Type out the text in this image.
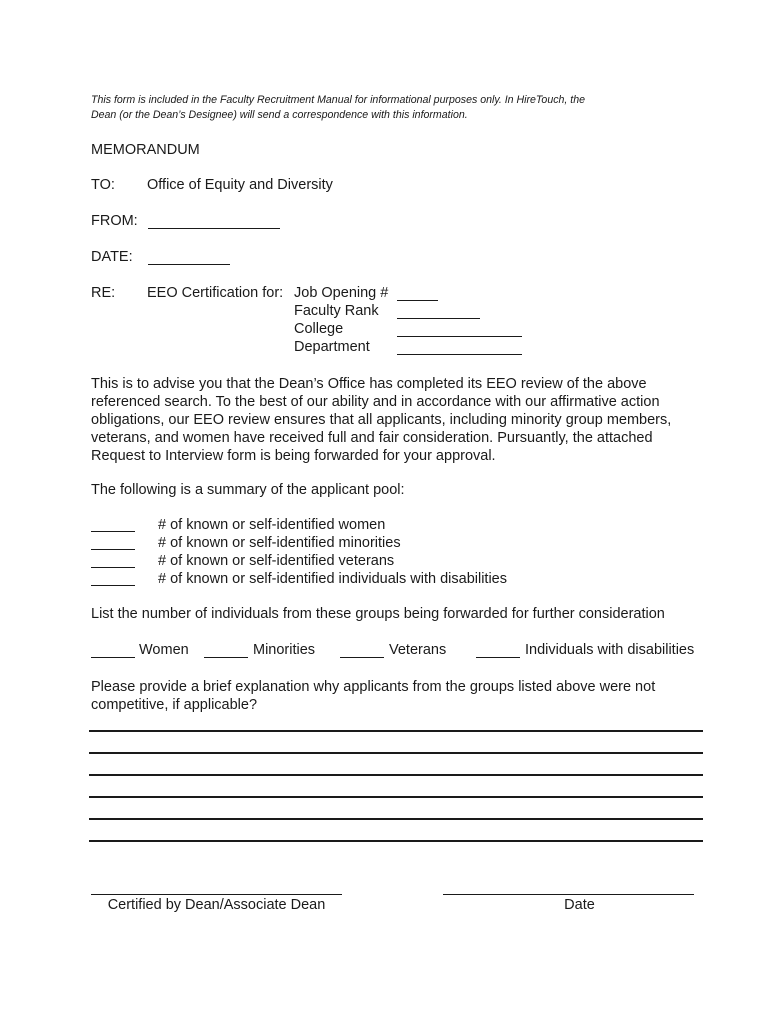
This form is included in the Faculty Recruitment Manual for informational purposes only. In HireTouch, the
Dean (or the Dean’s Designee) will send a correspondence with this information.
MEMORANDUM
TO: Office of Equity and Diversity
FROM:
DATE:
RE: EEO Certification for: Job Opening #
Faculty Rank
College
Department
This is to advise you that the Dean’s Office has completed its EEO review of the above
referenced search. To the best of our ability and in accordance with our affirmative action
obligations, our EEO review ensures that all applicants, including minority group members,
veterans, and women have received full and fair consideration. Pursuantly, the attached
Request to Interview form is being forwarded for your approval.
The following is a summary of the applicant pool:
# of known or self-identified women
# of known or self-identified minorities
# of known or self-identified veterans
# of known or self-identified individuals with disabilities
List the number of individuals from these groups being forwarded for further consideration
Women	Minorities	Veterans	Individuals with disabilities
Please provide a brief explanation why applicants from the groups listed above were not
competitive, if applicable?
Certified by Dean/Associate Dean	Date
